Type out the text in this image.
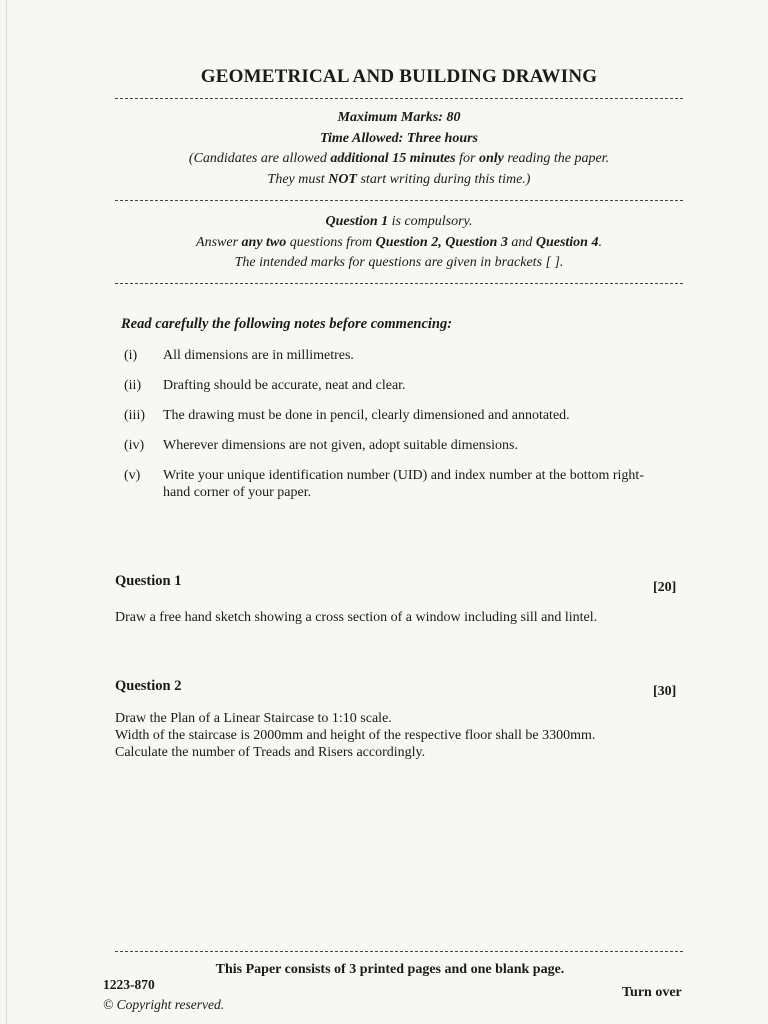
GEOMETRICAL AND BUILDING DRAWING
Maximum Marks: 80
Time Allowed: Three hours
(Candidates are allowed additional 15 minutes for only reading the paper.
They must NOT start writing during this time.)
Question 1 is compulsory.
Answer any two questions from Question 2, Question 3 and Question 4.
The intended marks for questions are given in brackets [ ].
Read carefully the following notes before commencing:
(i)	All dimensions are in millimetres.
(ii)	Drafting should be accurate, neat and clear.
(iii)	The drawing must be done in pencil, clearly dimensioned and annotated.
(iv)	Wherever dimensions are not given, adopt suitable dimensions.
(v)	Write your unique identification number (UID) and index number at the bottom right-hand corner of your paper.
Question 1	[20]
Draw a free hand sketch showing a cross section of a window including sill and lintel.
Question 2	[30]
Draw the Plan of a Linear Staircase to 1:10 scale.
Width of the staircase is 2000mm and height of the respective floor shall be 3300mm.
Calculate the number of Treads and Risers accordingly.
This Paper consists of 3 printed pages and one blank page.
1223-870
© Copyright reserved.
Turn over
